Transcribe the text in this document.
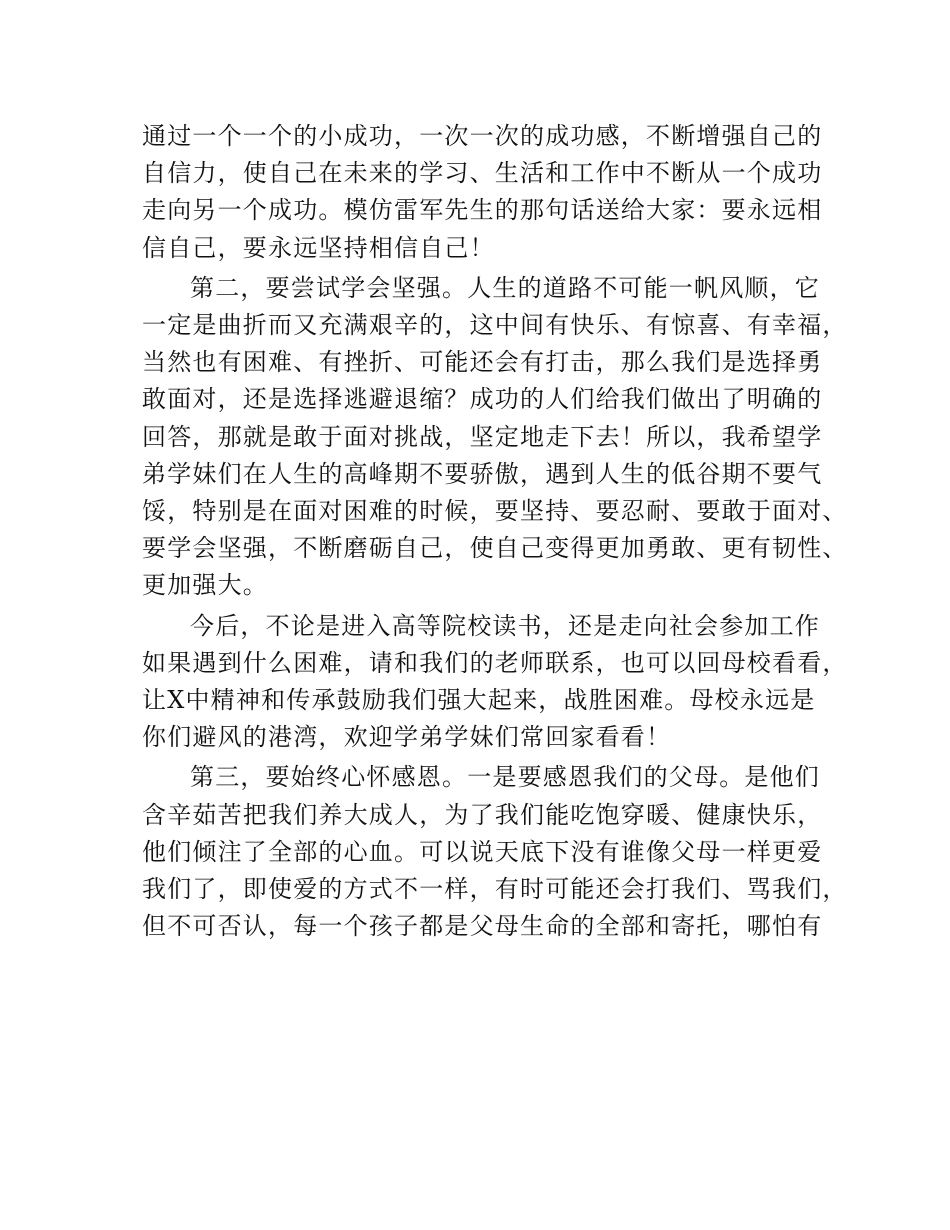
通过一个一个的小成功，一次一次的成功感，不断增强自己的
自信力，使自己在未来的学习、生活和工作中不断从一个成功
走向另一个成功。模仿雷军先生的那句话送给大家：要永远相
信自己，要永远坚持相信自己！

第二，要尝试学会坚强。人生的道路不可能一帆风顺，它
一定是曲折而又充满艰辛的，这中间有快乐、有惊喜、有幸福，
当然也有困难、有挫折、可能还会有打击，那么我们是选择勇
敢面对，还是选择逃避退缩？成功的人们给我们做出了明确的
回答，那就是敢于面对挑战，坚定地走下去！所以，我希望学
弟学妹们在人生的高峰期不要骄傲，遇到人生的低谷期不要气
馁，特别是在面对困难的时候，要坚持、要忍耐、要敢于面对、
要学会坚强，不断磨砺自己，使自己变得更加勇敢、更有韧性、
更加强大。

今后，不论是进入高等院校读书，还是走向社会参加工作
如果遇到什么困难，请和我们的老师联系，也可以回母校看看，
让X中精神和传承鼓励我们强大起来，战胜困难。母校永远是
你们避风的港湾，欢迎学弟学妹们常回家看看！

第三，要始终心怀感恩。一是要感恩我们的父母。是他们
含辛茹苦把我们养大成人，为了我们能吃饱穿暖、健康快乐，
他们倾注了全部的心血。可以说天底下没有谁像父母一样更爱
我们了，即使爱的方式不一样，有时可能还会打我们、骂我们，
但不可否认，每一个孩子都是父母生命的全部和寄托，哪怕有
